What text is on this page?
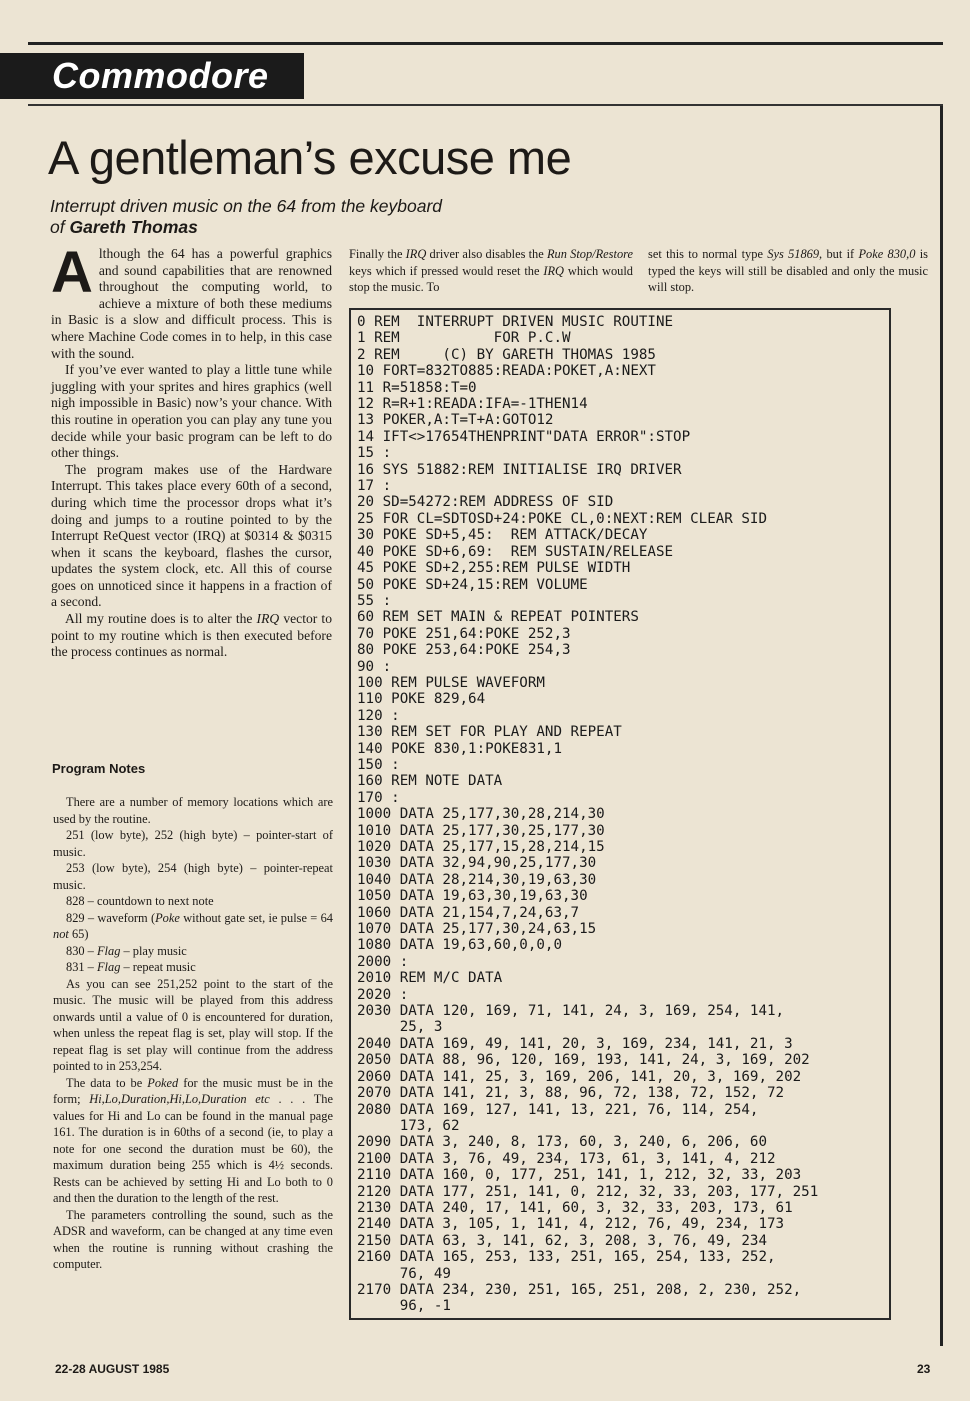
Commodore
A gentleman’s excuse me
Interrupt driven music on the 64 from the keyboard
of Gareth Thomas

Although the 64 has a powerful graphics and sound capabilities that are renowned throughout the computing world, to achieve a mixture of both these mediums in Basic is a slow and difficult process. This is where Machine Code comes in to help, in this case with the sound.

If you’ve ever wanted to play a little tune while juggling with your sprites and hires graphics (well nigh impossible in Basic) now’s your chance. With this routine in operation you can play any tune you decide while your basic program can be left to do other things.

The program makes use of the Hardware Interrupt. This takes place every 60th of a second, during which time the processor drops what it’s doing and jumps to a routine pointed to by the Interrupt ReQuest vector (IRQ) at $0314 & $0315 when it scans the keyboard, flashes the cursor, updates the system clock, etc. All this of course goes on unnoticed since it happens in a fraction of a second.

All my routine does is to alter the IRQ vector to point to my routine which is then executed before the process continues as normal.

Program Notes

There are a number of memory locations which are used by the routine.

251 (low byte), 252 (high byte) – pointer-start of music.

253 (low byte), 254 (high byte) – pointer-repeat music.

828 – countdown to next note

829 – waveform (Poke without gate set, ie pulse = 64 not 65)

830 – Flag – play music

831 – Flag – repeat music

As you can see 251,252 point to the start of the music. The music will be played from this address onwards until a value of 0 is encountered for duration, when unless the repeat flag is set, play will stop. If the repeat flag is set play will continue from the address pointed to in 253,254.

The data to be Poked for the music must be in the form; Hi,Lo,Duration,Hi,Lo,Duration etc . . . The values for Hi and Lo can be found in the manual page 161. The duration is in 60ths of a second (ie, to play a note for one second the duration must be 60), the maximum duration being 255 which is 4½ seconds. Rests can be achieved by setting Hi and Lo both to 0 and then the duration to the length of the rest.

The parameters controlling the sound, such as the ADSR and waveform, can be changed at any time even when the routine is running without crashing the computer.

Finally the IRQ driver also disables the Run Stop/Restore keys which if pressed would reset the IRQ which would stop the music. To
set this to normal type Sys 51869, but if Poke 830,0 is typed the keys will still be disabled and only the music will stop.
0 REM  INTERRUPT DRIVEN MUSIC ROUTINE
1 REM           FOR P.C.W
2 REM     (C) BY GARETH THOMAS 1985
10 FORT=832TO885:READA:POKET,A:NEXT
11 R=51858:T=0
12 R=R+1:READA:IFA=-1THEN14
13 POKER,A:T=T+A:GOTO12
14 IFT<>17654THENPRINT"DATA ERROR":STOP
15 :
16 SYS 51882:REM INITIALISE IRQ DRIVER
17 :
20 SD=54272:REM ADDRESS OF SID
25 FOR CL=SDTOSD+24:POKE CL,0:NEXT:REM CLEAR SID
30 POKE SD+5,45:  REM ATTACK/DECAY
40 POKE SD+6,69:  REM SUSTAIN/RELEASE
45 POKE SD+2,255:REM PULSE WIDTH
50 POKE SD+24,15:REM VOLUME
55 :
60 REM SET MAIN & REPEAT POINTERS
70 POKE 251,64:POKE 252,3
80 POKE 253,64:POKE 254,3
90 :
100 REM PULSE WAVEFORM
110 POKE 829,64
120 :
130 REM SET FOR PLAY AND REPEAT
140 POKE 830,1:POKE831,1
150 :
160 REM NOTE DATA
170 :
1000 DATA 25,177,30,28,214,30
1010 DATA 25,177,30,25,177,30
1020 DATA 25,177,15,28,214,15
1030 DATA 32,94,90,25,177,30
1040 DATA 28,214,30,19,63,30
1050 DATA 19,63,30,19,63,30
1060 DATA 21,154,7,24,63,7
1070 DATA 25,177,30,24,63,15
1080 DATA 19,63,60,0,0,0
2000 :
2010 REM M/C DATA
2020 :
2030 DATA 120, 169, 71, 141, 24, 3, 169, 254, 141,
25, 3
2040 DATA 169, 49, 141, 20, 3, 169, 234, 141, 21, 3
2050 DATA 88, 96, 120, 169, 193, 141, 24, 3, 169, 202
2060 DATA 141, 25, 3, 169, 206, 141, 20, 3, 169, 202
2070 DATA 141, 21, 3, 88, 96, 72, 138, 72, 152, 72
2080 DATA 169, 127, 141, 13, 221, 76, 114, 254,
173, 62
2090 DATA 3, 240, 8, 173, 60, 3, 240, 6, 206, 60
2100 DATA 3, 76, 49, 234, 173, 61, 3, 141, 4, 212
2110 DATA 160, 0, 177, 251, 141, 1, 212, 32, 33, 203
2120 DATA 177, 251, 141, 0, 212, 32, 33, 203, 177, 251
2130 DATA 240, 17, 141, 60, 3, 32, 33, 203, 173, 61
2140 DATA 3, 105, 1, 141, 4, 212, 76, 49, 234, 173
2150 DATA 63, 3, 141, 62, 3, 208, 3, 76, 49, 234
2160 DATA 165, 253, 133, 251, 165, 254, 133, 252,
76, 49
2170 DATA 234, 230, 251, 165, 251, 208, 2, 230, 252,
96, -1
22-28 AUGUST 1985	23
